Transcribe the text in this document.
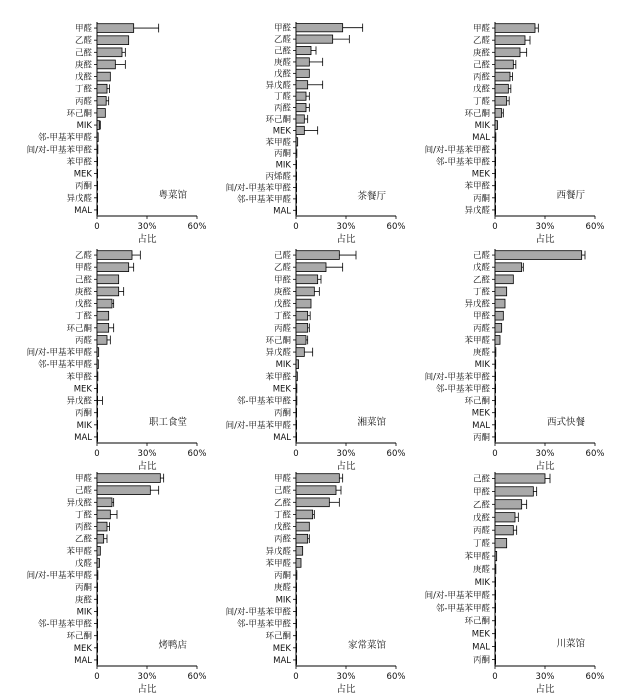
甲醛
乙醛
己醛
庚醛
戊醛
丁醛
丙醛
环己酮
MIK
邻-甲基苯甲醛
间/对-甲基苯甲醛
苯甲醛
MEK
丙酮
异戊醛
MAL
0	30%	60%
占比
粤菜馆
甲醛
乙醛
己醛
庚醛
戊醛
异戊醛
丁醛
丙醛
环己酮
MEK
苯甲醛
丙酮
MIK
丙烯醛
间/对-甲基苯甲醛
邻-甲基苯甲醛
MAL
0	30%	60%
占比
茶餐厅
甲醛
乙醛
庚醛
己醛
丙醛
戊醛
丁醛
环己酮
MIK
MAL
间/对-甲基苯甲醛
邻-甲基苯甲醛
MEK
苯甲醛
丙酮
异戊醛
0	30%	60%
占比
西餐厅
乙醛
甲醛
己醛
庚醛
戊醛
丁醛
环己酮
丙醛
间/对-甲基苯甲醛
邻-甲基苯甲醛
苯甲醛
MEK
异戊醛
丙酮
MIK
MAL
0	30%	60%
占比
职工食堂
己醛
乙醛
甲醛
庚醛
戊醛
丁醛
丙醛
环己酮
异戊醛
MIK
苯甲醛
MEK
邻-甲基苯甲醛
丙酮
间/对-甲基苯甲醛
MAL
0	30%	60%
占比
湘菜馆
己醛
戊醛
乙醛
丁醛
异戊醛
甲醛
丙醛
苯甲醛
庚醛
MIK
间/对-甲基苯甲醛
邻-甲基苯甲醛
环己酮
MEK
MAL
丙酮
0	30%	60%
占比
西式快餐
甲醛
己醛
异戊醛
丁醛
丙醛
乙醛
苯甲醛
戊醛
间/对-甲基苯甲醛
丙酮
庚醛
MIK
邻-甲基苯甲醛
环己酮
MEK
MAL
0	30%	60%
占比
烤鸭店
甲醛
己醛
乙醛
丁醛
戊醛
丙醛
异戊醛
苯甲醛
丙酮
庚醛
MIK
间/对-甲基苯甲醛
邻-甲基苯甲醛
环己酮
MEK
MAL
0	30%	60%
占比
家常菜馆
己醛
甲醛
乙醛
戊醛
丙醛
丁醛
苯甲醛
庚醛
MIK
间/对-甲基苯甲醛
邻-甲基苯甲醛
环己酮
MEK
MAL
丙酮
0	30%	60%
占比
川菜馆
